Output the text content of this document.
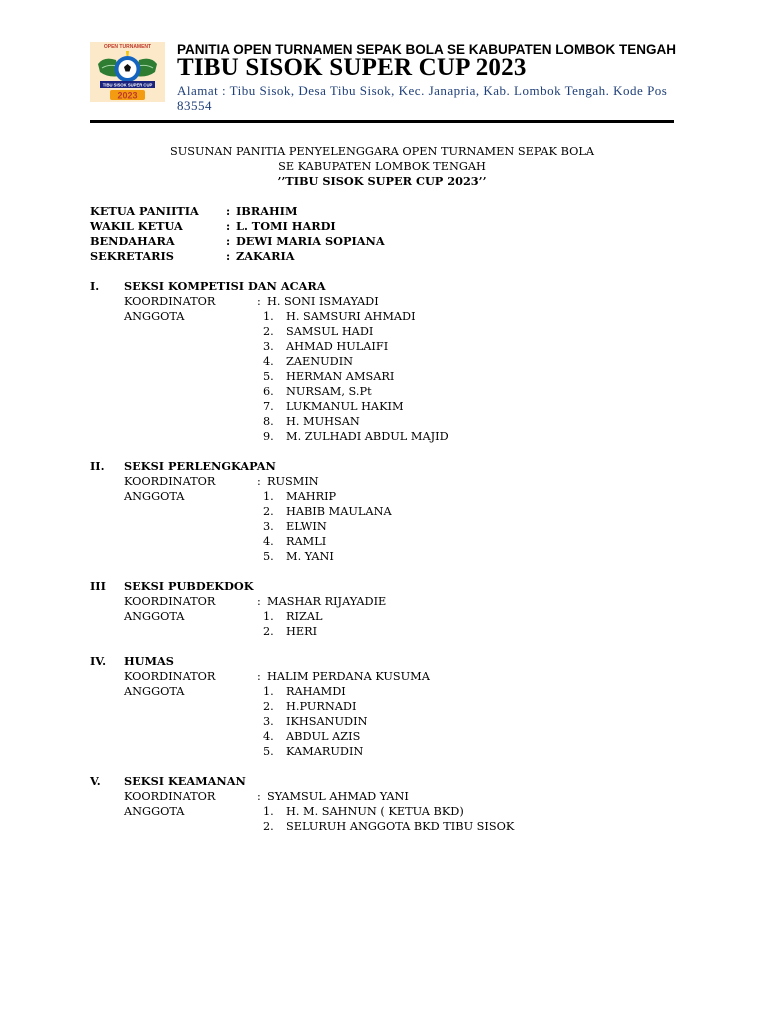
OPEN TURNAMENT
TIBU SISOK SUPER CUP
2023
PANITIA OPEN TURNAMEN SEPAK BOLA SE KABUPATEN LOMBOK TENGAH
TIBU SISOK SUPER CUP 2023
Alamat : Tibu Sisok, Desa Tibu Sisok, Kec. Janapria, Kab. Lombok Tengah. Kode Pos 83554
SUSUNAN PANITIA PENYELENGGARA OPEN TURNAMEN SEPAK BOLA
SE KABUPATEN LOMBOK TENGAH
’’TIBU SISOK SUPER CUP 2023’’
KETUA PANIITIA : IBRAHIM
WAKIL KETUA	: L. TOMI HARDI
BENDAHARA	: DEWI MARIA SOPIANA
SEKRETARIS	: ZAKARIA
I. SEKSI KOMPETISI DAN ACARA
KOORDINATOR	: H. SONI ISMAYADI
ANGGOTA	1. H. SAMSURI AHMADI
2. SAMSUL HADI
3. AHMAD HULAIFI
4. ZAENUDIN
5. HERMAN AMSARI
6. NURSAM, S.Pt
7. LUKMANUL HAKIM
8. H. MUHSAN
9. M. ZULHADI ABDUL MAJID
II. SEKSI PERLENGKAPAN
KOORDINATOR	: RUSMIN
ANGGOTA	1. MAHRIP
2. HABIB MAULANA
3. ELWIN
4. RAMLI
5. M. YANI
III SEKSI PUBDEKDOK
KOORDINATOR	: MASHAR RIJAYADIE
ANGGOTA	1. RIZAL
2. HERI
IV. HUMAS
KOORDINATOR	: HALIM PERDANA KUSUMA
ANGGOTA	1. RAHAMDI
2. H.PURNADI
3. IKHSANUDIN
4. ABDUL AZIS
5. KAMARUDIN
V. SEKSI KEAMANAN
KOORDINATOR	: SYAMSUL AHMAD YANI
ANGGOTA	1. H. M. SAHNUN ( KETUA BKD)
2. SELURUH ANGGOTA BKD TIBU SISOK
